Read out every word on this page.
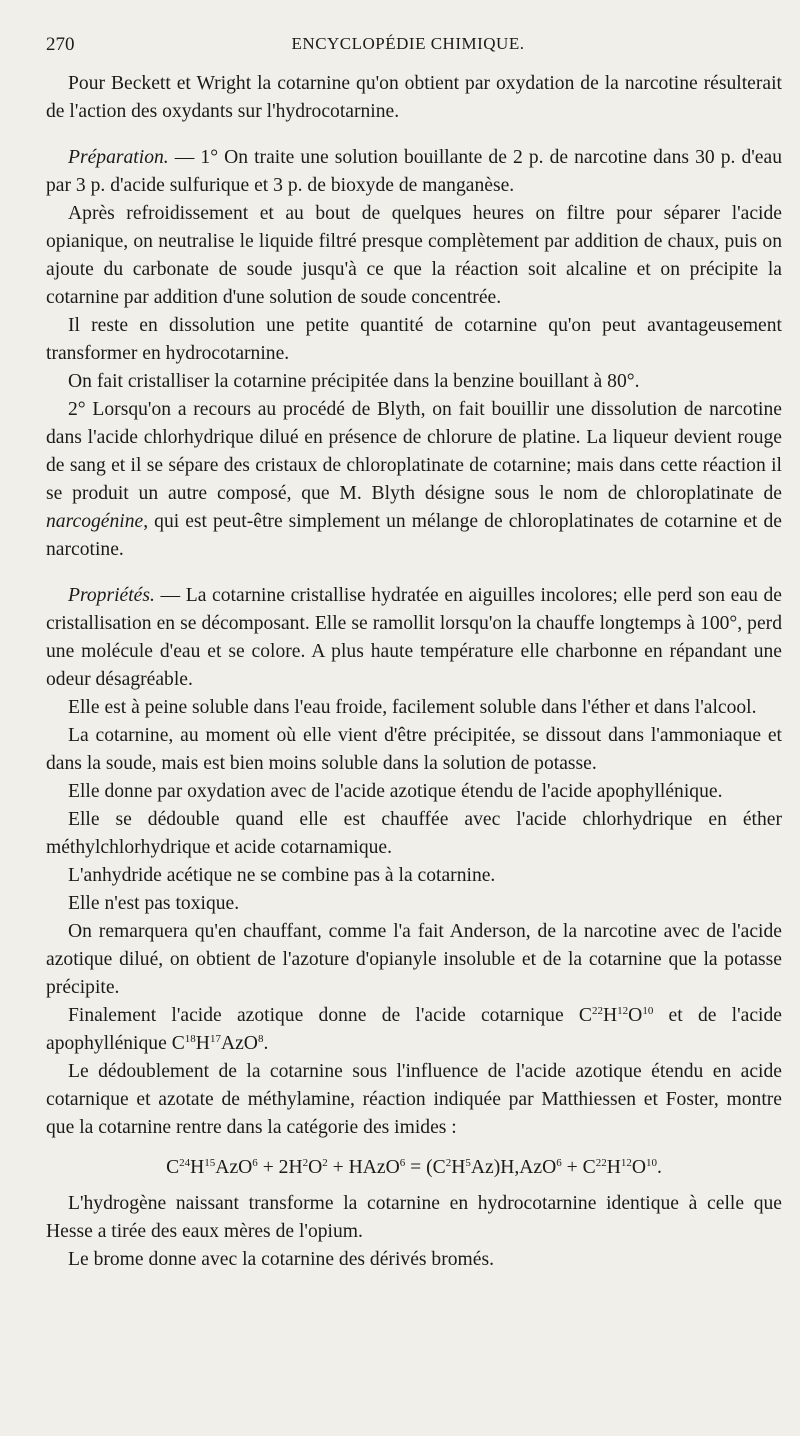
270	ENCYCLOPÉDIE CHIMIQUE.

Pour Beckett et Wright la cotarnine qu'on obtient par oxydation de la narcotine résulterait de l'action des oxydants sur l'hydrocotarnine.

Préparation. — 1° On traite une solution bouillante de 2 p. de narcotine dans 30 p. d'eau par 3 p. d'acide sulfurique et 3 p. de bioxyde de manganèse.

Après refroidissement et au bout de quelques heures on filtre pour séparer l'acide opianique, on neutralise le liquide filtré presque complètement par addition de chaux, puis on ajoute du carbonate de soude jusqu'à ce que la réaction soit alcaline et on précipite la cotarnine par addition d'une solution de soude concentrée.

Il reste en dissolution une petite quantité de cotarnine qu'on peut avantageusement transformer en hydrocotarnine.

On fait cristalliser la cotarnine précipitée dans la benzine bouillant à 80°.

2° Lorsqu'on a recours au procédé de Blyth, on fait bouillir une dissolution de narcotine dans l'acide chlorhydrique dilué en présence de chlorure de platine. La liqueur devient rouge de sang et il se sépare des cristaux de chloroplatinate de cotarnine; mais dans cette réaction il se produit un autre composé, que M. Blyth désigne sous le nom de chloroplatinate de narcogénine, qui est peut-être simplement un mélange de chloroplatinates de cotarnine et de narcotine.

Propriétés. — La cotarnine cristallise hydratée en aiguilles incolores; elle perd son eau de cristallisation en se décomposant. Elle se ramollit lorsqu'on la chauffe longtemps à 100°, perd une molécule d'eau et se colore. A plus haute température elle charbonne en répandant une odeur désagréable.

Elle est à peine soluble dans l'eau froide, facilement soluble dans l'éther et dans l'alcool.

La cotarnine, au moment où elle vient d'être précipitée, se dissout dans l'ammoniaque et dans la soude, mais est bien moins soluble dans la solution de potasse.

Elle donne par oxydation avec de l'acide azotique étendu de l'acide apophyllénique.

Elle se dédouble quand elle est chauffée avec l'acide chlorhydrique en éther méthylchlorhydrique et acide cotarnamique.

L'anhydride acétique ne se combine pas à la cotarnine.

Elle n'est pas toxique.

On remarquera qu'en chauffant, comme l'a fait Anderson, de la narcotine avec de l'acide azotique dilué, on obtient de l'azoture d'opianyle insoluble et de la cotarnine que la potasse précipite.

Finalement l'acide azotique donne de l'acide cotarnique $C^{22}H^{12}O^{10}$ et de l'acide apophyllénique $C^{18}H^{17}AzO^8$.

Le dédoublement de la cotarnine sous l'influence de l'acide azotique étendu en acide cotarnique et azotate de méthylamine, réaction indiquée par Matthiessen et Foster, montre que la cotarnine rentre dans la catégorie des imides :

$C^{24}H^{15}AzO^6 + 2H^2O^2$ + HAzO$^6$ = $(C^2H^5Az)H,AzO^6 + C^{22}H^{12}O^{10}$.

L'hydrogène naissant transforme la cotarnine en hydrocotarnine identique à celle que Hesse a tirée des eaux mères de l'opium.

Le brome donne avec la cotarnine des dérivés bromés.
